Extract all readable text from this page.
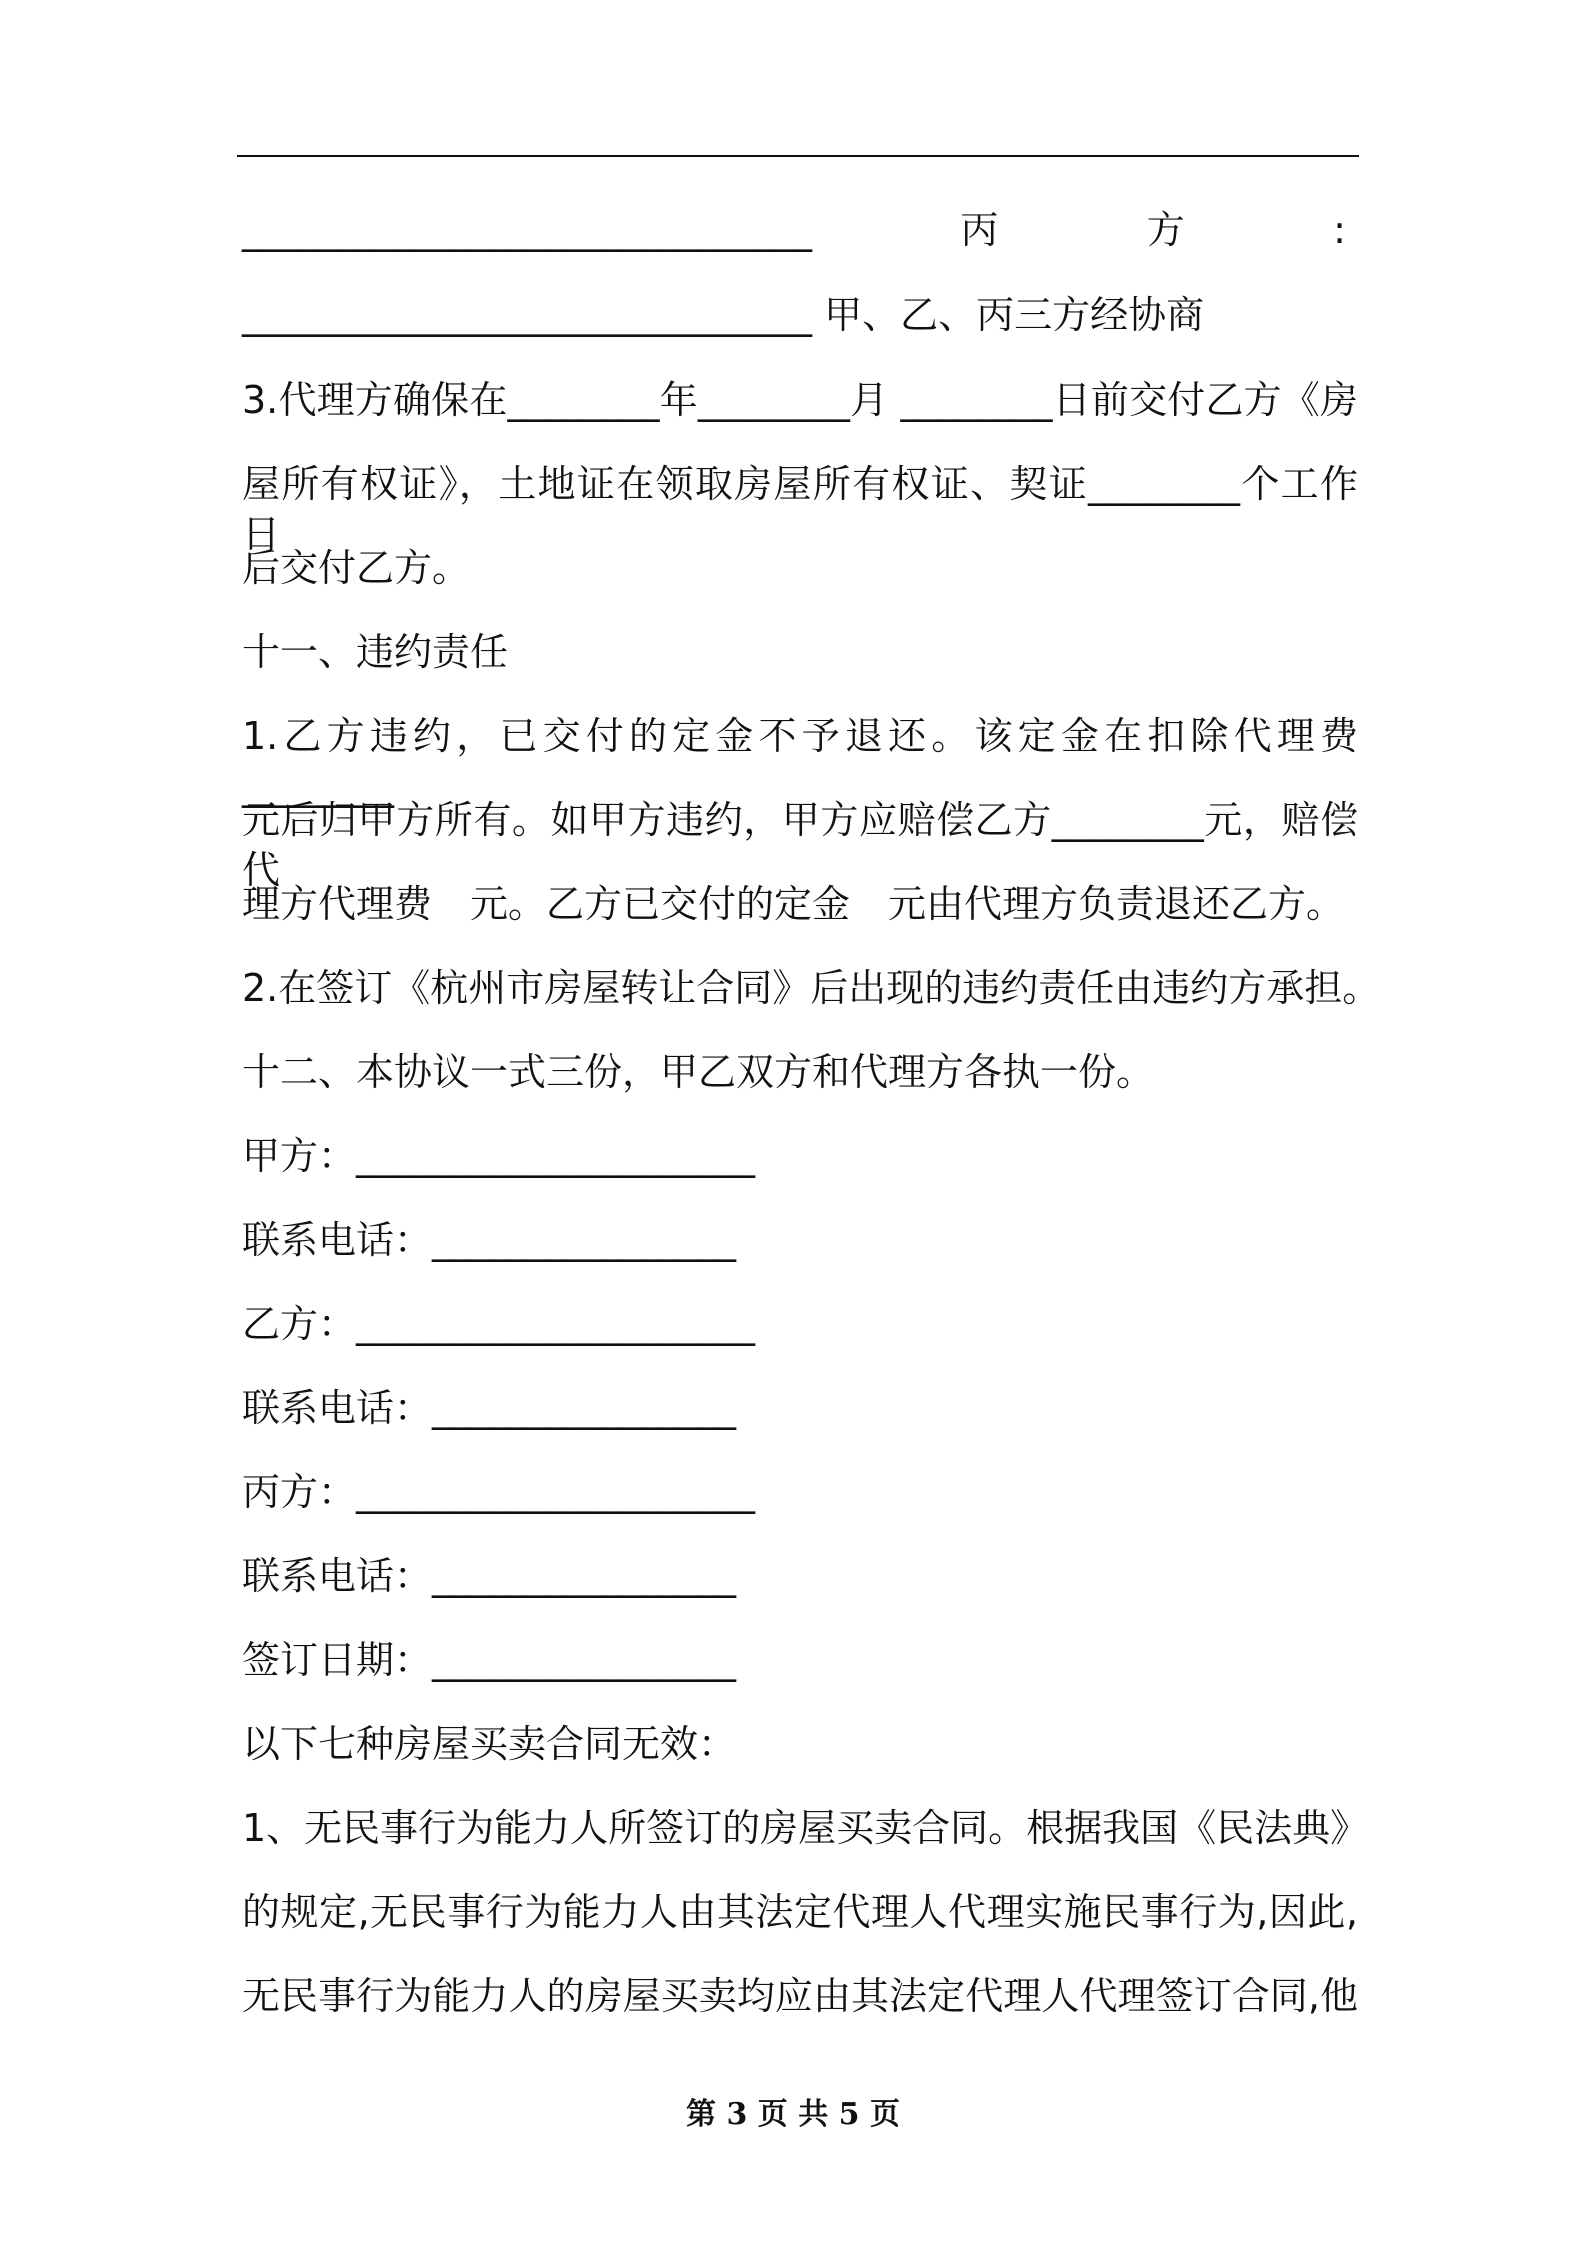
______________________________	丙	方	:
______________________________ 甲、乙、丙三方经协商
3.代理方确保在________年________月 ________日前交付乙方《房
屋所有权证》，土地证在领取房屋所有权证、契证________个工作日
后交付乙方。
十一、违约责任
1.乙方违约，已交付的定金不予退还。该定金在扣除代理费________
元后归甲方所有。如甲方违约，甲方应赔偿乙方________元，赔偿代
理方代理费　元。乙方已交付的定金　元由代理方负责退还乙方。
2.在签订《杭州市房屋转让合同》后出现的违约责任由违约方承担。
十二、本协议一式三份，甲乙双方和代理方各执一份。
甲方：_____________________
联系电话：________________
乙方：_____________________
联系电话：________________
丙方：_____________________
联系电话：________________
签订日期：________________
以下七种房屋买卖合同无效：
1、无民事行为能力人所签订的房屋买卖合同。根据我国《民法典》
的规定,无民事行为能力人由其法定代理人代理实施民事行为,因此,
无民事行为能力人的房屋买卖均应由其法定代理人代理签订合同,他
第 3 页 共 5 页
